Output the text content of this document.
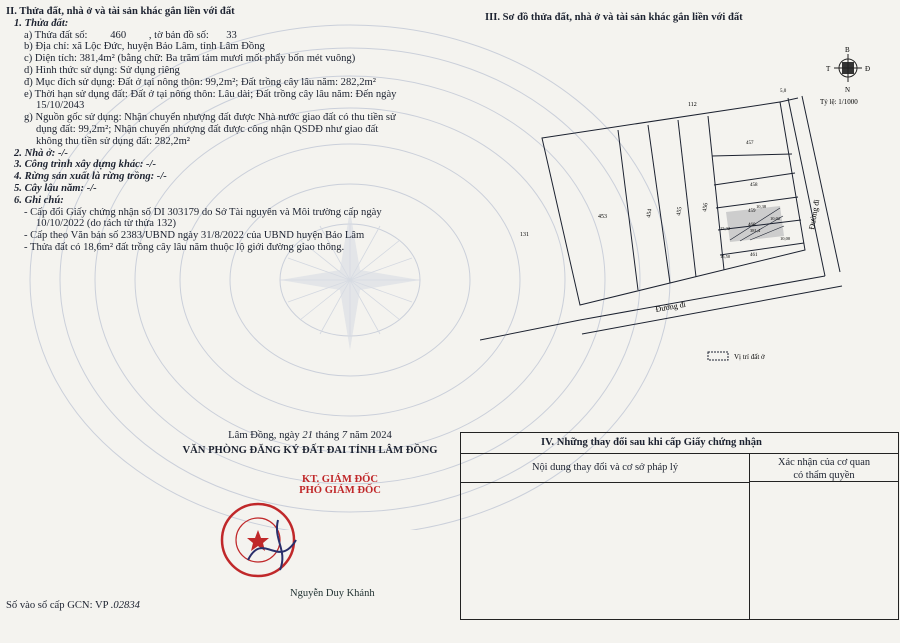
II. Thửa đất, nhà ở và tài sản khác gắn liền với đất
1. Thửa đất:
a) Thửa đất số: 460 , tờ bản đồ số: 33
b) Địa chỉ: xã Lộc Đức, huyện Bảo Lâm, tỉnh Lâm Đồng
c) Diện tích: 381,4m² (bằng chữ: Ba trăm tám mươi mốt phẩy bốn mét vuông)
d) Hình thức sử dụng: Sử dụng riêng
đ) Mục đích sử dụng: Đất ở tại nông thôn: 99,2m²; Đất trồng cây lâu năm: 282,2m²
e) Thời hạn sử dụng đất: Đất ở tại nông thôn: Lâu dài; Đất trồng cây lâu năm: Đến ngày
15/10/2043
g) Nguồn gốc sử dụng: Nhận chuyển nhượng đất được Nhà nước giao đất có thu tiền sử
dụng đất: 99,2m²; Nhận chuyển nhượng đất được công nhận QSDĐ như giao đất
không thu tiền sử dụng đất: 282,2m²
2. Nhà ở: -/-
3. Công trình xây dựng khác: -/-
4. Rừng sản xuất là rừng trồng: -/-
5. Cây lâu năm: -/-
6. Ghi chú:
- Cấp đổi Giấy chứng nhận số DI 303179 do Sở Tài nguyên và Môi trường cấp ngày
10/10/2022 (do tách từ thửa 132)
- Cấp theo Văn bản số 2383/UBND ngày 31/8/2022 của UBND huyện Bảo Lâm
- Thửa đất có 18,6m² đất trồng cây lâu năm thuộc lộ giới đường giao thông.
III. Sơ đồ thửa đất, nhà ở và tài sản khác gắn liền với đất
B
N
T	Đ
Tỷ lệ: 1/1000
131
453	454	455	456
457
458
459
460
461
112
5,0
10,02
10,38
15,32
15,50
10,00
381,4
Đường đi
Đường đi
Vị trí đất ở
Lâm Đồng, ngày 21 tháng 7 năm 2024
VĂN PHÒNG ĐĂNG KÝ ĐẤT ĐAI TỈNH LÂM ĐỒNG
KT. GIÁM ĐỐC
PHÓ GIÁM ĐỐC
Nguyễn Duy Khánh
Số vào sổ cấp GCN: VP .02834
IV. Những thay đổi sau khi cấp Giấy chứng nhận
Nội dung thay đổi và cơ sở pháp lý	Xác nhận của cơ quan
có thẩm quyền
